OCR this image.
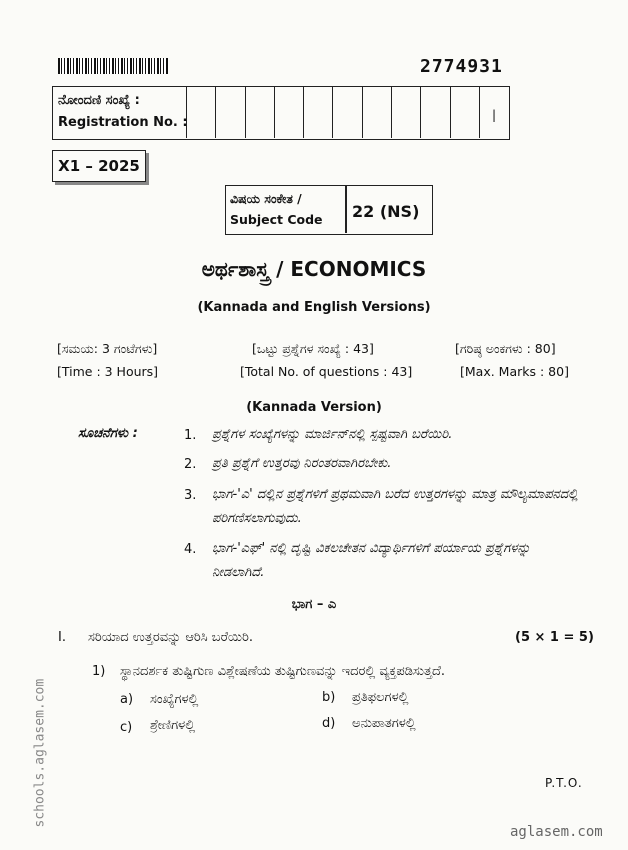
2774931
ನೋಂದಣಿ ಸಂಖ್ಯೆ :
Registration No. :	|
X1 – 2025
ವಿಷಯ ಸಂಕೇತ /
Subject Code 22 (NS)
ಅರ್ಥಶಾಸ್ತ್ರ / ECONOMICS
(Kannada and English Versions)
[ಸಮಯ: 3 ಗಂಟೆಗಳು]
[Time : 3 Hours]
[ಒಟ್ಟು ಪ್ರಶ್ನೆಗಳ ಸಂಖ್ಯೆ : 43]
[Total No. of questions : 43]
[ಗರಿಷ್ಠ ಅಂಕಗಳು : 80]
[Max. Marks : 80]
(Kannada Version)
ಸೂಚನೆಗಳು :	1. ಪ್ರಶ್ನೆಗಳ ಸಂಖ್ಯೆಗಳನ್ನು ಮಾರ್ಜಿನ್‌ನಲ್ಲಿ ಸ್ಪಷ್ಟವಾಗಿ ಬರೆಯಿರಿ.
2. ಪ್ರತಿ ಪ್ರಶ್ನೆಗೆ ಉತ್ತರವು ನಿರಂತರವಾಗಿರಬೇಕು.
3. ಭಾಗ-'ಎ' ದಲ್ಲಿನ ಪ್ರಶ್ನೆಗಳಿಗೆ ಪ್ರಥಮವಾಗಿ ಬರೆದ ಉತ್ತರಗಳನ್ನು ಮಾತ್ರ ಮೌಲ್ಯಮಾಪನದಲ್ಲಿ ಪರಿಗಣಿಸಲಾಗುವುದು.
4. ಭಾಗ-'ಎಫ್' ನಲ್ಲಿ ದೃಷ್ಟಿ ವಿಕಲಚೇತನ ವಿದ್ಯಾರ್ಥಿಗಳಿಗೆ ಪರ್ಯಾಯ ಪ್ರಶ್ನೆಗಳನ್ನು ನೀಡಲಾಗಿದೆ.
ಭಾಗ – ಎ
I. ಸರಿಯಾದ ಉತ್ತರವನ್ನು ಆರಿಸಿ ಬರೆಯಿರಿ.	(5 × 1 = 5)
1) ಸ್ಥಾನದರ್ಶಕ ತುಷ್ಟಿಗುಣ ವಿಶ್ಲೇಷಣೆಯ ತುಷ್ಟಿಗುಣವನ್ನು ಇದರಲ್ಲಿ ವ್ಯಕ್ತಪಡಿಸುತ್ತದೆ.
a) ಸಂಖ್ಯೆಗಳಲ್ಲಿ	b) ಪ್ರತಿಫಲಗಳಲ್ಲಿ
c) ಶ್ರೇಣಿಗಳಲ್ಲಿ	d) ಅನುಪಾತಗಳಲ್ಲಿ
P.T.O.
aglasem.com
schools.aglasem.com
